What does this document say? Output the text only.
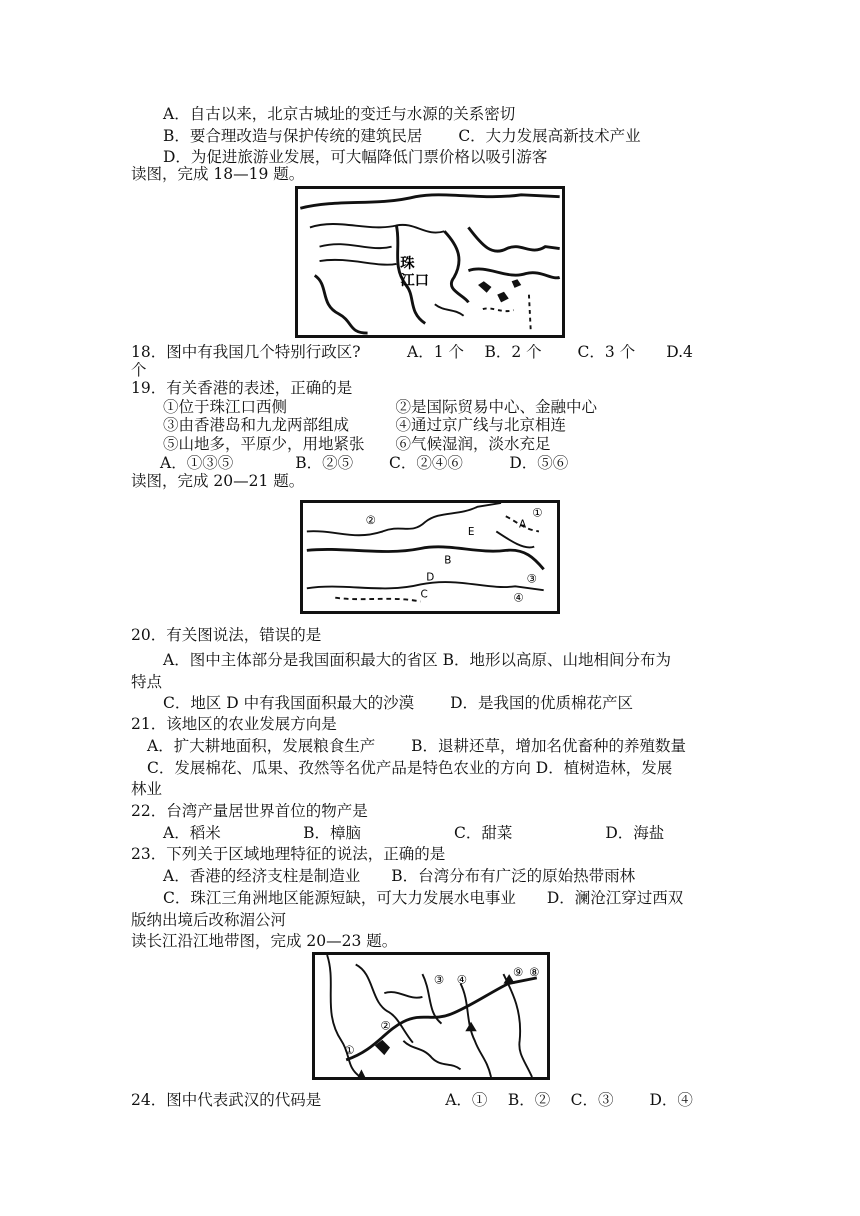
A．自古以来，北京古城址的变迁与水源的关系密切
B．要合理改造与保护传统的建筑民居　　 C．大力发展高新技术产业
D．为促进旅游业发展，可大幅降低门票价格以吸引游客
读图，完成 18—19 题。
珠
江口
18．图中有我国几个特别行政区?　　　A．1 个　 B．2 个　　 C．3 个　　D.4
个
19．有关香港的表述，正确的是
①位于珠江口西侧　　　　　　　②是国际贸易中心、金融中心
③由香港岛和九龙两部组成　　　④通过京广线与北京相连
⑤山地多，平原少，用地紧张　　⑥气候湿润，淡水充足
A．①③⑤　　　　B．②⑤　　 C．②④⑥　　　D．⑤⑥
读图，完成 20—21 题。
②
①
A
E
B
D	③
C	④
20．有关图说法，错误的是
A．图中主体部分是我国面积最大的省区 B．地形以高原、山地相间分布为
特点
C．地区 D 中有我国面积最大的沙漠　　 D．是我国的优质棉花产区
21．该地区的农业发展方向是
A．扩大耕地面积，发展粮食生产　　 B．退耕还草，增加名优畜种的养殖数量
C．发展棉花、瓜果、孜然等名优产品是特色农业的方向 D．植树造林，发展
林业
22．台湾产量居世界首位的物产是
A．稻米　　　　　 B．樟脑　　　　　　C．甜菜　　　　　　D．海盐
23．下列关于区域地理特征的说法，正确的是
A．香港的经济支柱是制造业　　B．台湾分布有广泛的原始热带雨林
C．珠江三角洲地区能源短缺，可大力发展水电事业　　D．澜沧江穿过西双
版纳出境后改称湄公河
读长江沿江地带图，完成 20—23 题。
①
②
③ ④
⑨ ⑧
24．图中代表武汉的代码是　　　　　　　　A．①　 B．②　 C．③　　 D．④
